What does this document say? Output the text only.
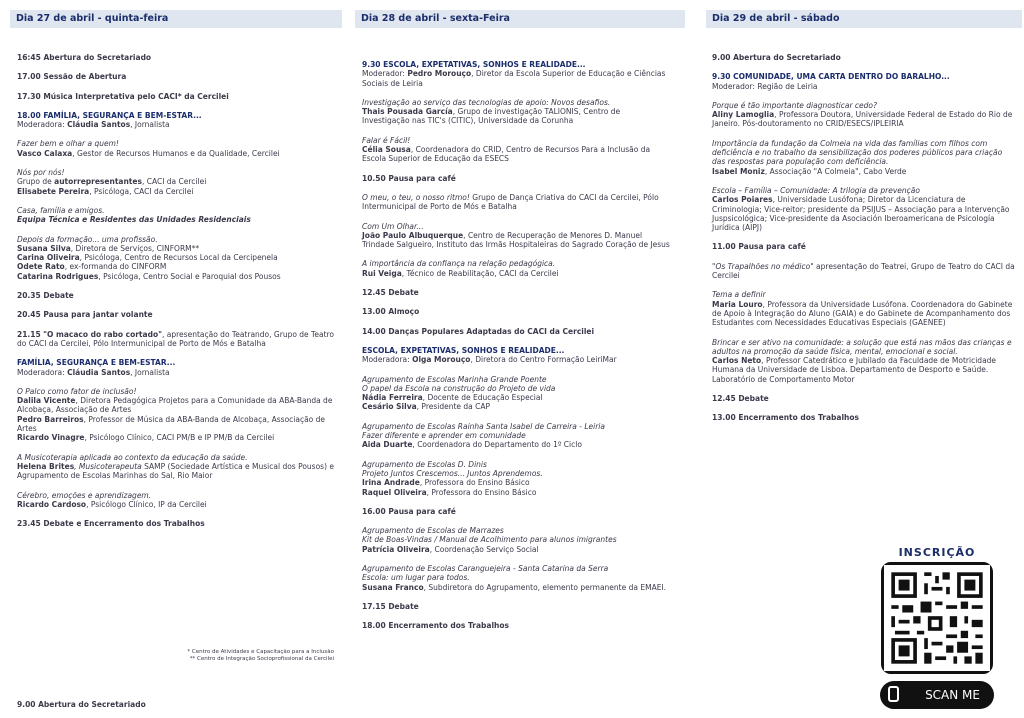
Dia 27 de abril - quinta-feira	Dia 28 de abril - sexta-Feira	Dia 29 de abril - sábado

16:45 Abertura do Secretariado

17.00 Sessão de Abertura

17.30 Música Interpretativa pelo CACI* da Cercilei

18.00 FAMÍLIA, SEGURANÇA E BEM-ESTAR...
Moderadora: Cláudia Santos, Jornalista

Fazer bem e olhar a quem!
Vasco Calaxa, Gestor de Recursos Humanos e da Qualidade, Cercilei

Nós por nós!
Grupo de autorrepresentantes, CACI da Cercilei
Elisabete Pereira, Psicóloga, CACI da Cercilei

Casa, família e amigos.
Equipa Técnica e Residentes das Unidades Residenciais

Depois da formação... uma profissão.
Susana Silva, Diretora de Serviços, CINFORM**
Carina Oliveira, Psicóloga, Centro de Recursos Local da Cercipenela
Odete Rato, ex-formanda do CINFORM
Catarina Rodrigues, Psicóloga, Centro Social e Paroquial dos Pousos

20.35 Debate

20.45 Pausa para jantar volante

21.15 "O macaco do rabo cortado", apresentação do Teatrando, Grupo de Teatro do CACI da Cercilei, Pólo Intermunicipal de Porto de Mós e Batalha

FAMÍLIA, SEGURANÇA E BEM-ESTAR...
Moderadora: Cláudia Santos, Jornalista

O Palco como fator de inclusão!
Dalila Vicente, Diretora Pedagógica Projetos para a Comunidade da ABA-Banda de Alcobaça, Associação de Artes
Pedro Barreiros, Professor de Música da ABA-Banda de Alcobaça, Associação de Artes
Ricardo Vinagre, Psicólogo Clínico, CACI PM/B e IP PM/B da Cercilei

A Musicoterapia aplicada ao contexto da educação da saúde.
Helena Brites, Musicoterapeuta SAMP (Sociedade Artística e Musical dos Pousos) e Agrupamento de Escolas Marinhas do Sal, Rio Maior

Cérebro, emoções e aprendizagem.
Ricardo Cardoso, Psicólogo Clínico, IP da Cercilei

23.45 Debate e Encerramento dos Trabalhos

* Centro de Atividades e Capacitação para a Inclusão
** Centro de Integração Socioprofissional da Cercilei
9.00 Abertura do Secretariado

9.30 ESCOLA, EXPETATIVAS, SONHOS E REALIDADE...
Moderador: Pedro Morouço, Diretor da Escola Superior de Educação e Ciências Sociais de Leiria

Investigação ao serviço das tecnologias de apoio: Novos desafios.
Thais Pousada García, Grupo de investigação TALIONIS, Centro de Investigação nas TIC's (CITIC), Universidade da Corunha

Falar é Fácil!
Célia Sousa, Coordenadora do CRID, Centro de Recursos Para a Inclusão da Escola Superior de Educação da ESECS

10.50 Pausa para café

O meu, o teu, o nosso ritmo! Grupo de Dança Criativa do CACI da Cercilei, Pólo Intermunicipal de Porto de Mós e Batalha

Com Um Olhar...
João Paulo Albuquerque, Centro de Recuperação de Menores D. Manuel Trindade Salgueiro, Instituto das Irmãs Hospitaleiras do Sagrado Coração de Jesus

A importância da confiança na relação pedagógica.
Rui Veiga, Técnico de Reabilitação, CACI da Cercilei

12.45 Debate

13.00 Almoço

14.00 Danças Populares Adaptadas do CACI da Cercilei

ESCOLA, EXPETATIVAS, SONHOS E REALIDADE...
Moderadora: Olga Morouço, Diretora do Centro Formação LeiriMar

Agrupamento de Escolas Marinha Grande Poente
O papel da Escola na construção do Projeto de vida
Nádia Ferreira, Docente de Educação Especial
Cesário Silva, Presidente da CAP

Agrupamento de Escolas Rainha Santa Isabel de Carreira - Leiria
Fazer diferente e aprender em comunidade
Aida Duarte, Coordenadora do Departamento do 1º Ciclo

Agrupamento de Escolas D. Dinis
Projeto Juntos Crescemos... Juntos Aprendemos.
Irina Andrade, Professora do Ensino Básico
Raquel Oliveira, Professora do Ensino Básico

16.00 Pausa para café

Agrupamento de Escolas de Marrazes
Kit de Boas-Vindas / Manual de Acolhimento para alunos imigrantes
Patrícia Oliveira, Coordenação Serviço Social

Agrupamento de Escolas Caranguejeira - Santa Catarina da Serra
Escola: um lugar para todos.
Susana Franco, Subdiretora do Agrupamento, elemento permanente da EMAEI.

17.15 Debate

18.00 Encerramento dos Trabalhos

9.00 Abertura do Secretariado

9.30 COMUNIDADE, UMA CARTA DENTRO DO BARALHO...
Moderador: Região de Leiria

Porque é tão importante diagnosticar cedo?
Aliny Lamoglia, Professora Doutora, Universidade Federal de Estado do Rio de Janeiro. Pós-doutoramento no CRID/ESECS/IPLEIRIA

Importância da fundação da Colmeia na vida das famílias com filhos com deficiência e no trabalho da sensibilização dos poderes públicos para criação das respostas para população com deficiência.
Isabel Moniz, Associação "A Colmeia", Cabo Verde

Escola – Família – Comunidade: A trilogia da prevenção
Carlos Poiares, Universidade Lusófona; Diretor da Licenciatura de Criminologia; Vice-reitor; presidente da PSIJUS – Associação para a Intervenção Juspsicológica; Vice-presidente da Asociación Iberoamericana de Psicología Jurídica (AIPJ)

11.00 Pausa para café

"Os Trapalhões no médico" apresentação do Teatrei, Grupo de Teatro do CACI da Cercilei

Tema a definir
Maria Louro, Professora da Universidade Lusófona. Coordenadora do Gabinete de Apoio à Integração do Aluno (GAIA) e do Gabinete de Acompanhamento dos Estudantes com Necessidades Educativas Especiais (GAENEE)

Brincar e ser ativo na comunidade: a solução que está nas mãos das crianças e adultos na promoção da saúde física, mental, emocional e social.
Carlos Neto, Professor Catedrático e Jubilado da Faculdade de Motricidade Humana da Universidade de Lisboa. Departamento de Desporto e Saúde. Laboratório de Comportamento Motor

12.45 Debate

13.00 Encerramento dos Trabalhos

INSCRIÇÃO
SCAN ME
